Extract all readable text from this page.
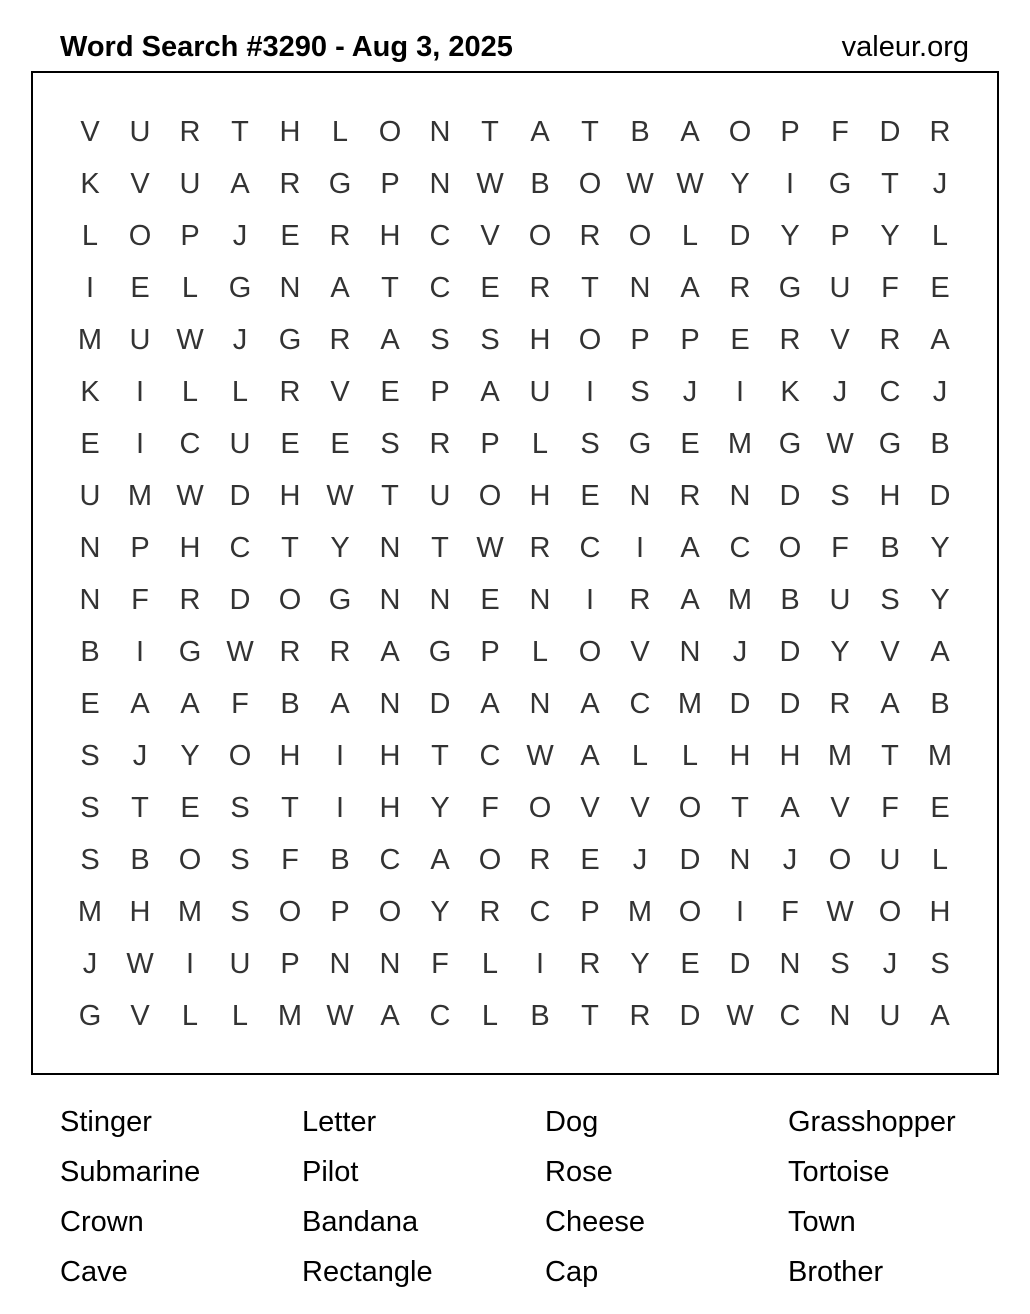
Word Search #3290 - Aug 3, 2025	valeur.org
V	U	R	T	H	L	O N	T	A	T	B	A	O	P	F	D	R
K	V	U	A	R G	P	N W B	O W W Y	I	G	T	J
L	O	P	J	E	R	H	C	V	O R O	L	D	Y	P	Y	L
I	E	L	G N	A	T	C	E	R	T	N	A	R G U	F	E
M U W	J	G R	A	S	S	H O	P	P	E	R	V	R	A
K	I	L	L	R	V	E	P	A	U	I	S	J	I	K	J	C	J
E	I	C	U	E	E	S	R	P	L	S	G	E M G W G	B
U M W D	H W T	U O H	E	N	R	N	D	S	H	D
N	P	H	C	T	Y	N	T W R	C	I	A	C O	F	B	Y
N	F	R	D O G N	N	E	N	I	R	A M B	U	S	Y
B	I	G W R	R	A	G	P	L	O	V	N	J	D	Y	V	A
E	A	A	F	B	A	N	D	A	N	A	C M D	D	R	A	B
S	J	Y	O H	I	H	T	C W A	L	L	H	H M	T	M
S	T	E	S	T	I	H	Y	F	O	V	V	O	T	A	V	F	E
S	B	O	S	F	B	C	A	O R	E	J	D	N	J	O U	L
M H M S	O	P	O	Y	R	C	P M O	I	F W O H
J	W	I	U	P	N	N	F	L	I	R	Y	E	D	N	S	J	S
G	V	L	L	M W A	C	L	B	T	R	D W C	N	U	A
Stinger	Letter	Dog	Grasshopper
Submarine	Pilot	Rose	Tortoise
Crown	Bandana	Cheese	Town
Cave	Rectangle	Cap	Brother
